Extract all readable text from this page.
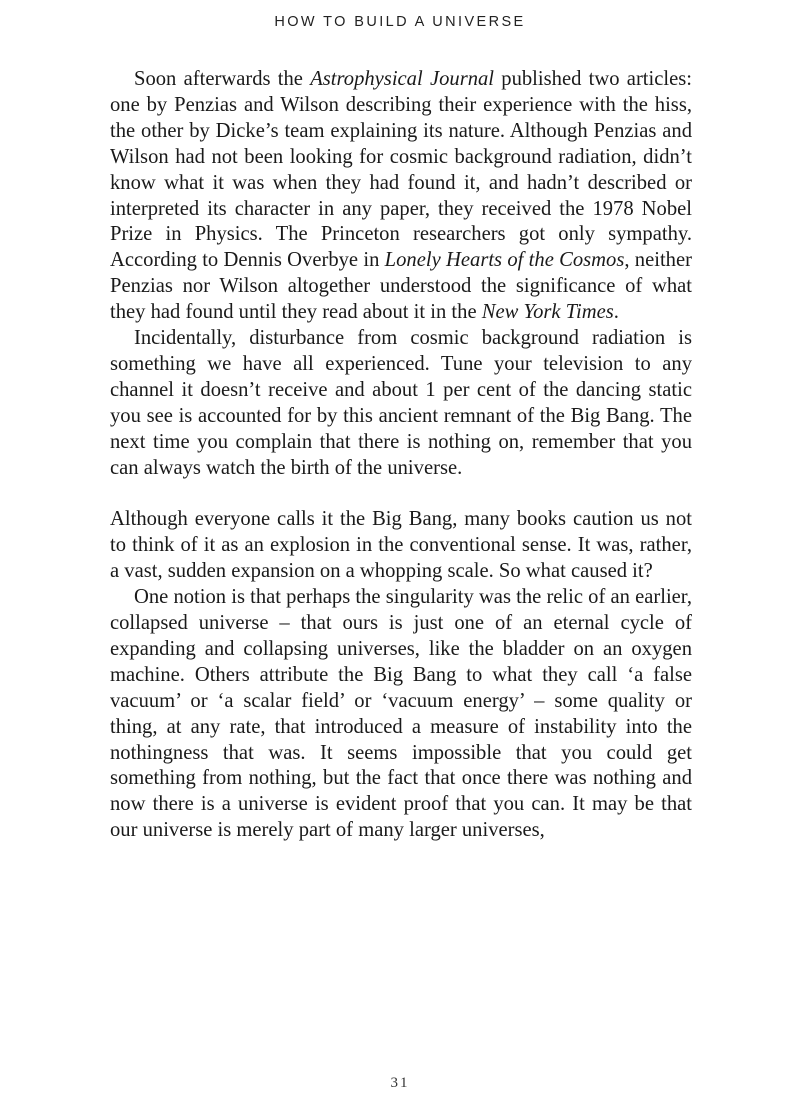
HOW TO BUILD A UNIVERSE

Soon afterwards the Astrophysical Journal published two articles: one by Penzias and Wilson describing their experience with the hiss, the other by Dicke’s team explaining its nature. Although Penzias and Wilson had not been looking for cosmic background radiation, didn’t know what it was when they had found it, and hadn’t described or interpreted its character in any paper, they received the 1978 Nobel Prize in Physics. The Princeton researchers got only sympathy. According to Dennis Overbye in Lonely Hearts of the Cosmos, neither Penzias nor Wilson altogether understood the significance of what they had found until they read about it in the New York Times.

Incidentally, disturbance from cosmic background radiation is something we have all experienced. Tune your television to any channel it doesn’t receive and about 1 per cent of the dancing static you see is accounted for by this ancient remnant of the Big Bang. The next time you complain that there is nothing on, remember that you can always watch the birth of the universe.

Although everyone calls it the Big Bang, many books caution us not to think of it as an explosion in the conventional sense. It was, rather, a vast, sudden expansion on a whopping scale. So what caused it?

One notion is that perhaps the singularity was the relic of an earlier, collapsed universe – that ours is just one of an eternal cycle of expanding and collapsing universes, like the bladder on an oxygen machine. Others attribute the Big Bang to what they call ‘a false vacuum’ or ‘a scalar field’ or ‘vacuum energy’ – some quality or thing, at any rate, that introduced a measure of instability into the nothingness that was. It seems impossible that you could get something from nothing, but the fact that once there was nothing and now there is a universe is evident proof that you can. It may be that our universe is merely part of many larger universes,

31
